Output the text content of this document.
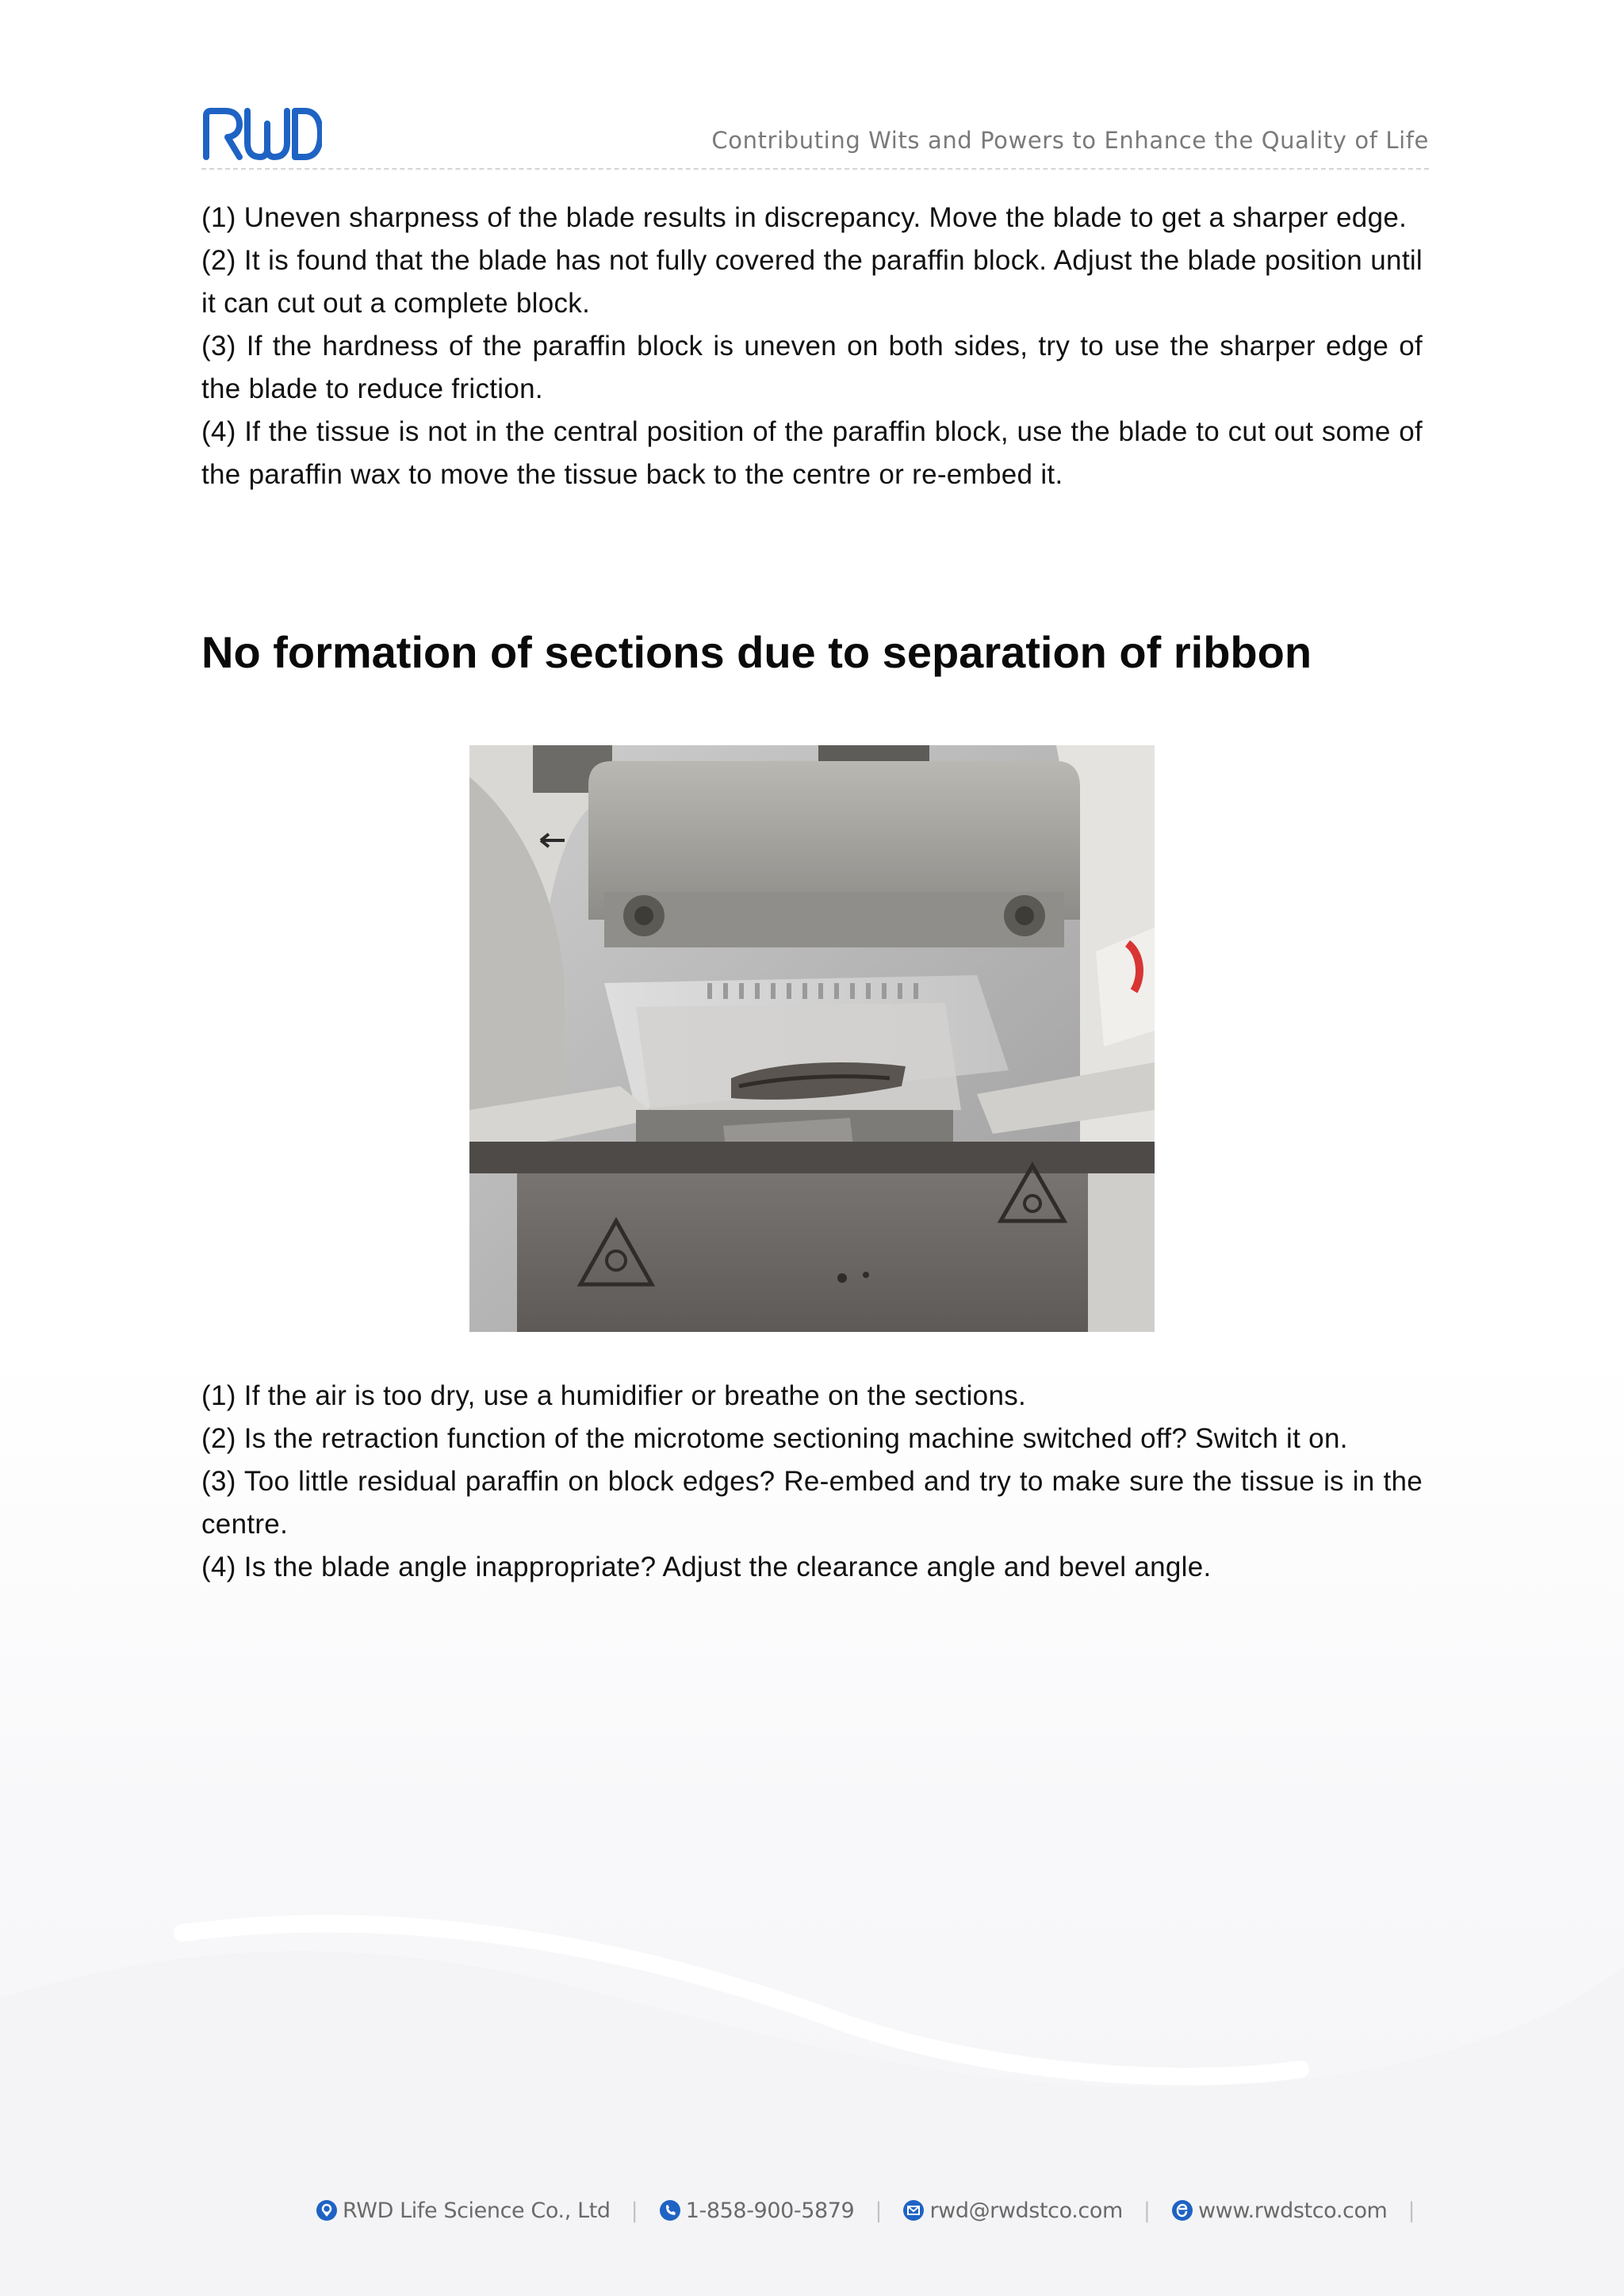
Contributing Wits and Powers to Enhance the Quality of Life

(1) Uneven sharpness of the blade results in discrepancy. Move the blade to get a sharper edge.

(2) It is found that the blade has not fully covered the paraffin block. Adjust the blade position until it can cut out a complete block.

(3) If the hardness of the paraffin block is uneven on both sides, try to use the sharper edge of the blade to reduce friction.

(4) If the tissue is not in the central position of the paraffin block, use the blade to cut out some of the paraffin wax to move the tissue back to the centre or re-embed it.

No formation of sections due to separation of ribbon

(1) If the air is too dry, use a humidifier or breathe on the sections.

(2) Is the retraction function of the microtome sectioning machine switched off? Switch it on.

(3) Too little residual paraffin on block edges? Re-embed and try to make sure the tissue is in the centre.

(4) Is the blade angle inappropriate? Adjust the clearance angle and bevel angle.

RWD Life Science Co., Ltd | 1-858-900-5879 | rwd@rwdstco.com | www.rwdstco.com |
